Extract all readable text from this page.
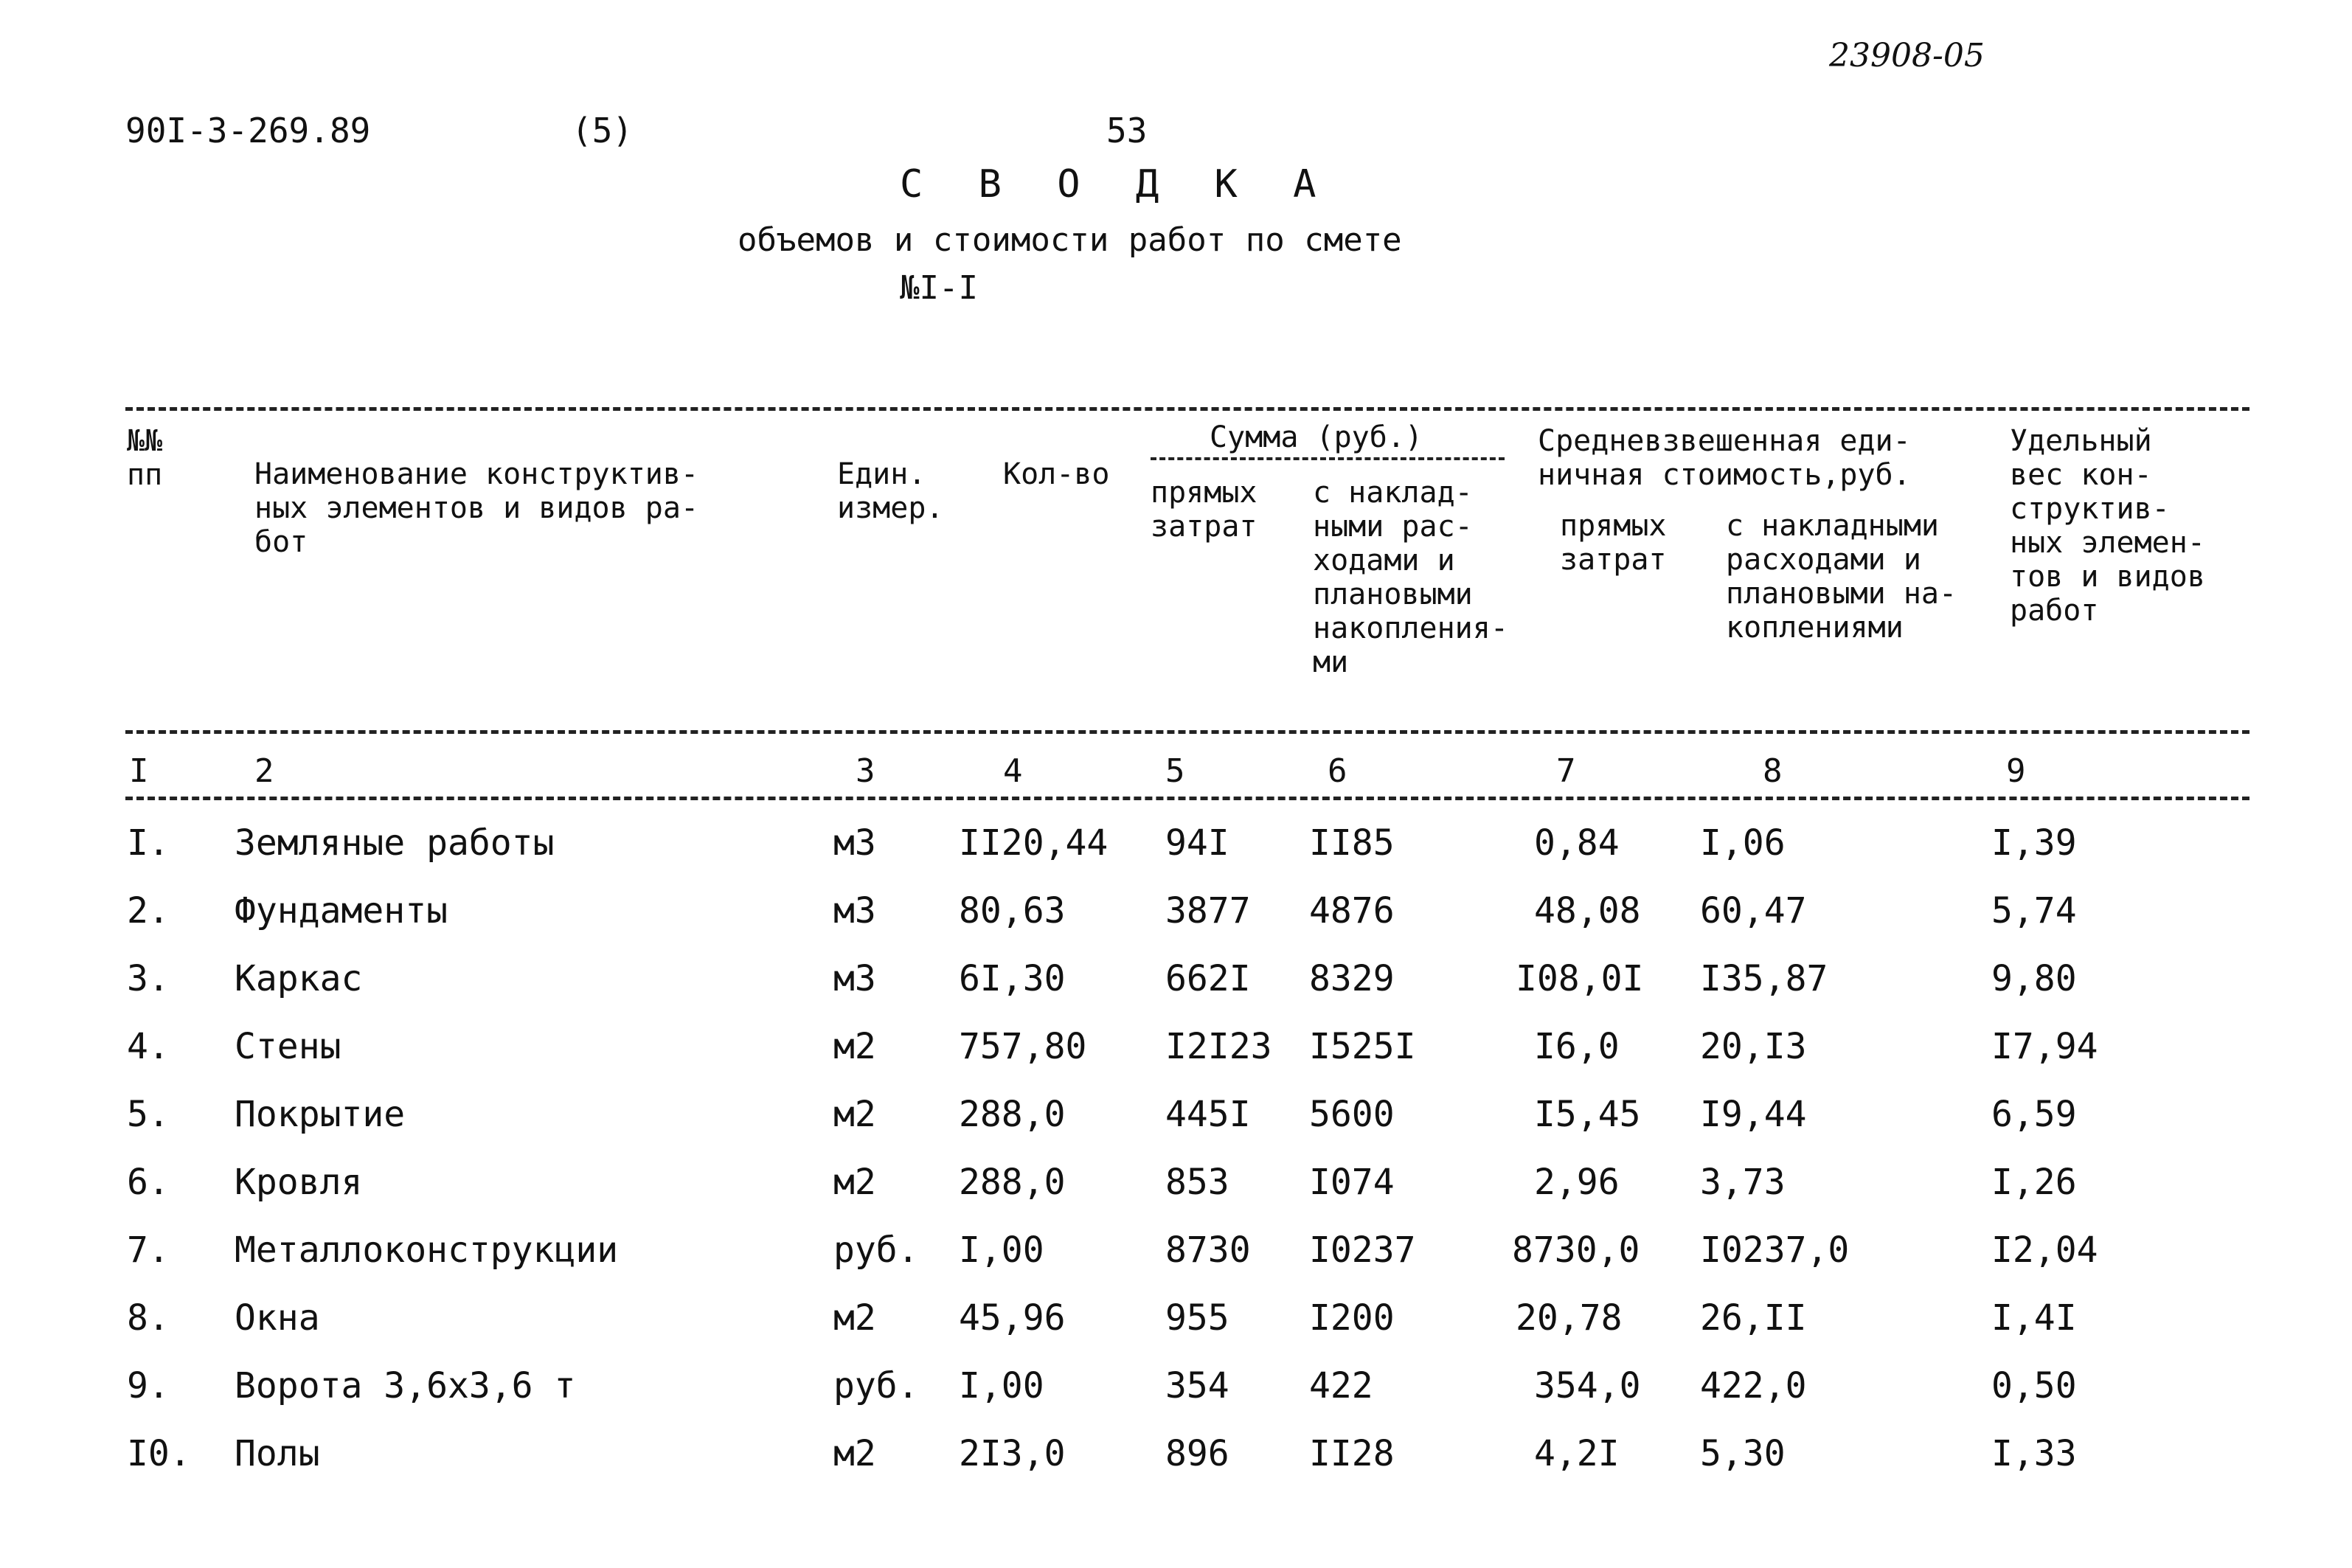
23908-05
90I-3-269.89	(5)	53
С В О Д К А
объемов и стоимости работ по смете
№I-I
№№
пп	Наименование конструктив-
ных элементов и видов ра-
бот
Един.
измер.
Кол-во
Сумма (руб.)
прямых
затрат
с наклад-
ными рас-
ходами и
плановыми
накопления-
ми
Средневзвешенная еди-
ничная стоимость,руб.
прямых
затрат
с накладными
расходами и
плановыми на-
коплениями
Удельный
вес кон-
структив-
ных элемен-
тов и видов
работ
I	2	3	4	5	6	7	8	9
I. Земляные работы	м3 II20,44 94I II85	0,84 I,06	I,39
2. Фундаменты	м3 80,63	3877 4876	48,08 60,47	5,74
3. Каркас	м3 6I,30	662I 8329	I08,0I I35,87	9,80
4. Стены	м2 757,80 I2I23 I525I	I6,0 20,I3	I7,94
5. Покрытие	м2 288,0	445I 5600	I5,45 I9,44	6,59
6. Кровля	м2 288,0	853 I074	2,96 3,73	I,26
7. Металлоконструкции	руб. I,00	8730 I0237	8730,0 I0237,0	I2,04
8. Окна	м2 45,96	955 I200	20,78 26,II	I,4I
9. Ворота 3,6х3,6 т	руб. I,00	354 422	354,0 422,0	0,50
I0. Полы	м2 2I3,0	896 II28	4,2I 5,30	I,33
